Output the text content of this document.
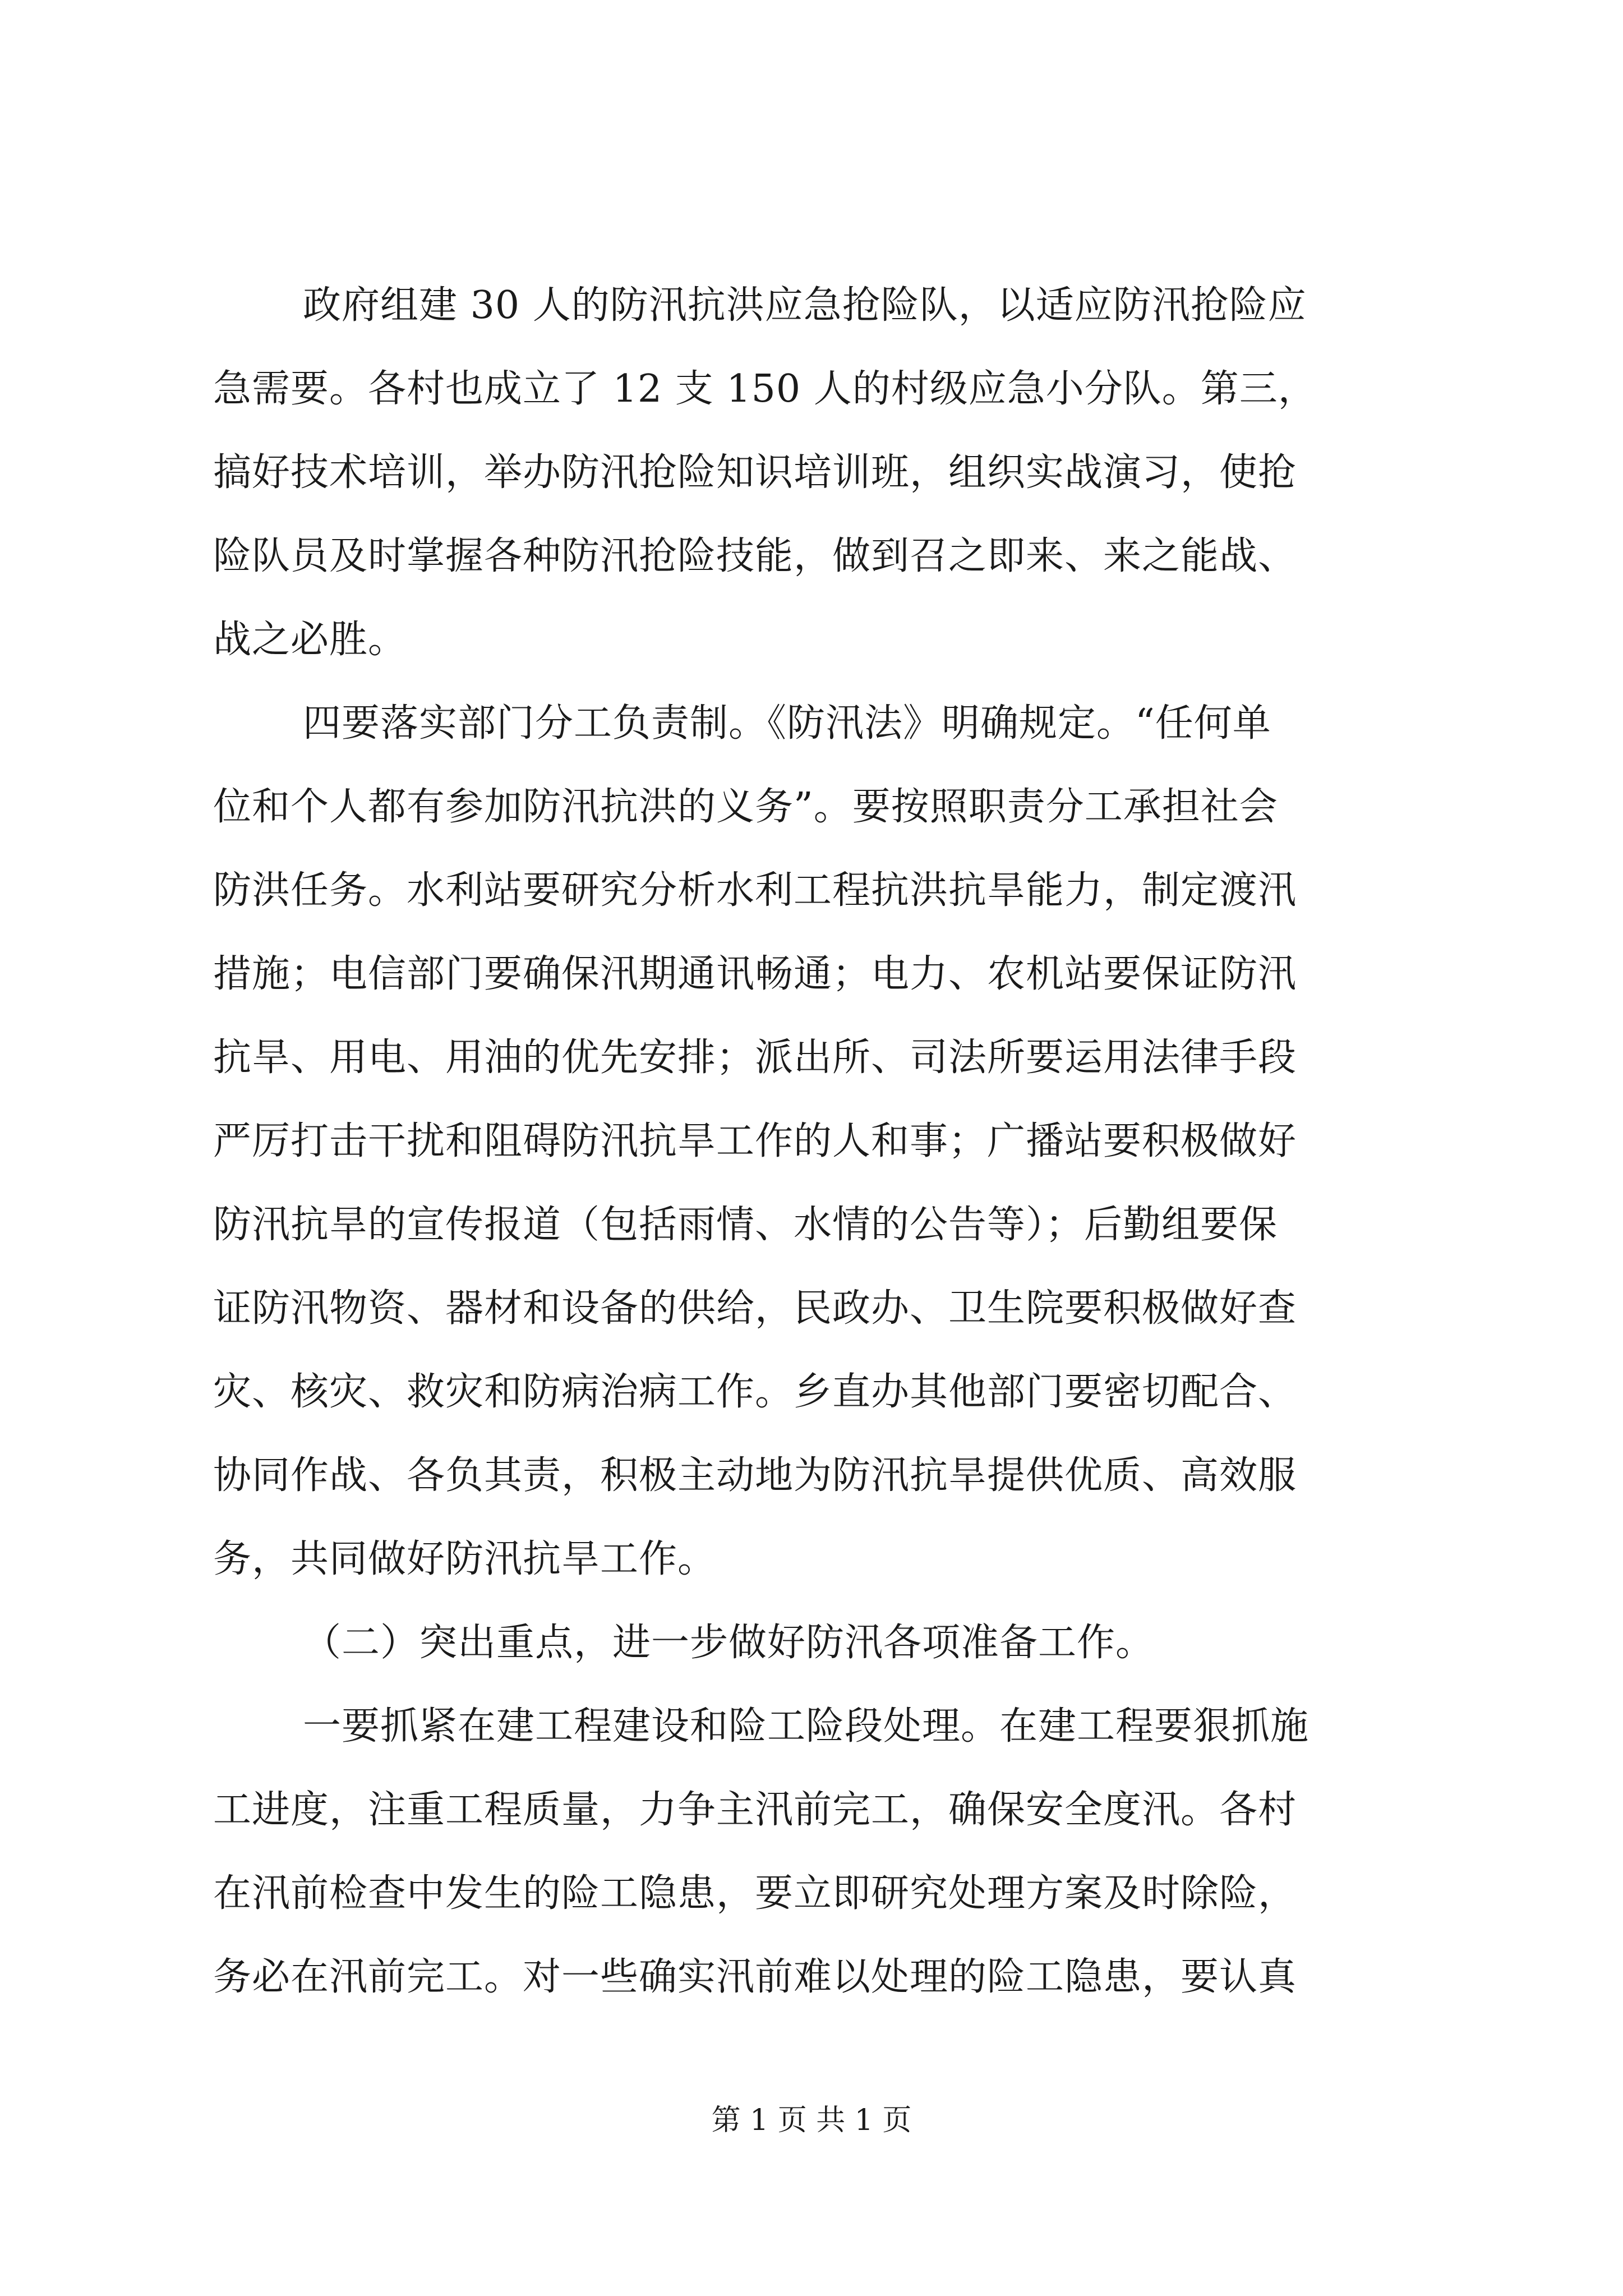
政府组建 30 人的防汛抗洪应急抢险队，以适应防汛抢险应
急需要。各村也成立了 12 支 150 人的村级应急小分队。第三，
搞好技术培训，举办防汛抢险知识培训班，组织实战演习，使抢
险队员及时掌握各种防汛抢险技能，做到召之即来、来之能战、
战之必胜。
四要落实部门分工负责制。《防汛法》明确规定。“任何单
位和个人都有参加防汛抗洪的义务”。要按照职责分工承担社会
防洪任务。水利站要研究分析水利工程抗洪抗旱能力，制定渡汛
措施；电信部门要确保汛期通讯畅通；电力、农机站要保证防汛
抗旱、用电、用油的优先安排；派出所、司法所要运用法律手段
严厉打击干扰和阻碍防汛抗旱工作的人和事；广播站要积极做好
防汛抗旱的宣传报道（包括雨情、水情的公告等）；后勤组要保
证防汛物资、器材和设备的供给，民政办、卫生院要积极做好查
灾、核灾、救灾和防病治病工作。乡直办其他部门要密切配合、
协同作战、各负其责，积极主动地为防汛抗旱提供优质、高效服
务，共同做好防汛抗旱工作。
（二）突出重点，进一步做好防汛各项准备工作。
一要抓紧在建工程建设和险工险段处理。在建工程要狠抓施
工进度，注重工程质量，力争主汛前完工，确保安全度汛。各村
在汛前检查中发生的险工隐患，要立即研究处理方案及时除险，
务必在汛前完工。对一些确实汛前难以处理的险工隐患，要认真
第 1 页 共 1 页
